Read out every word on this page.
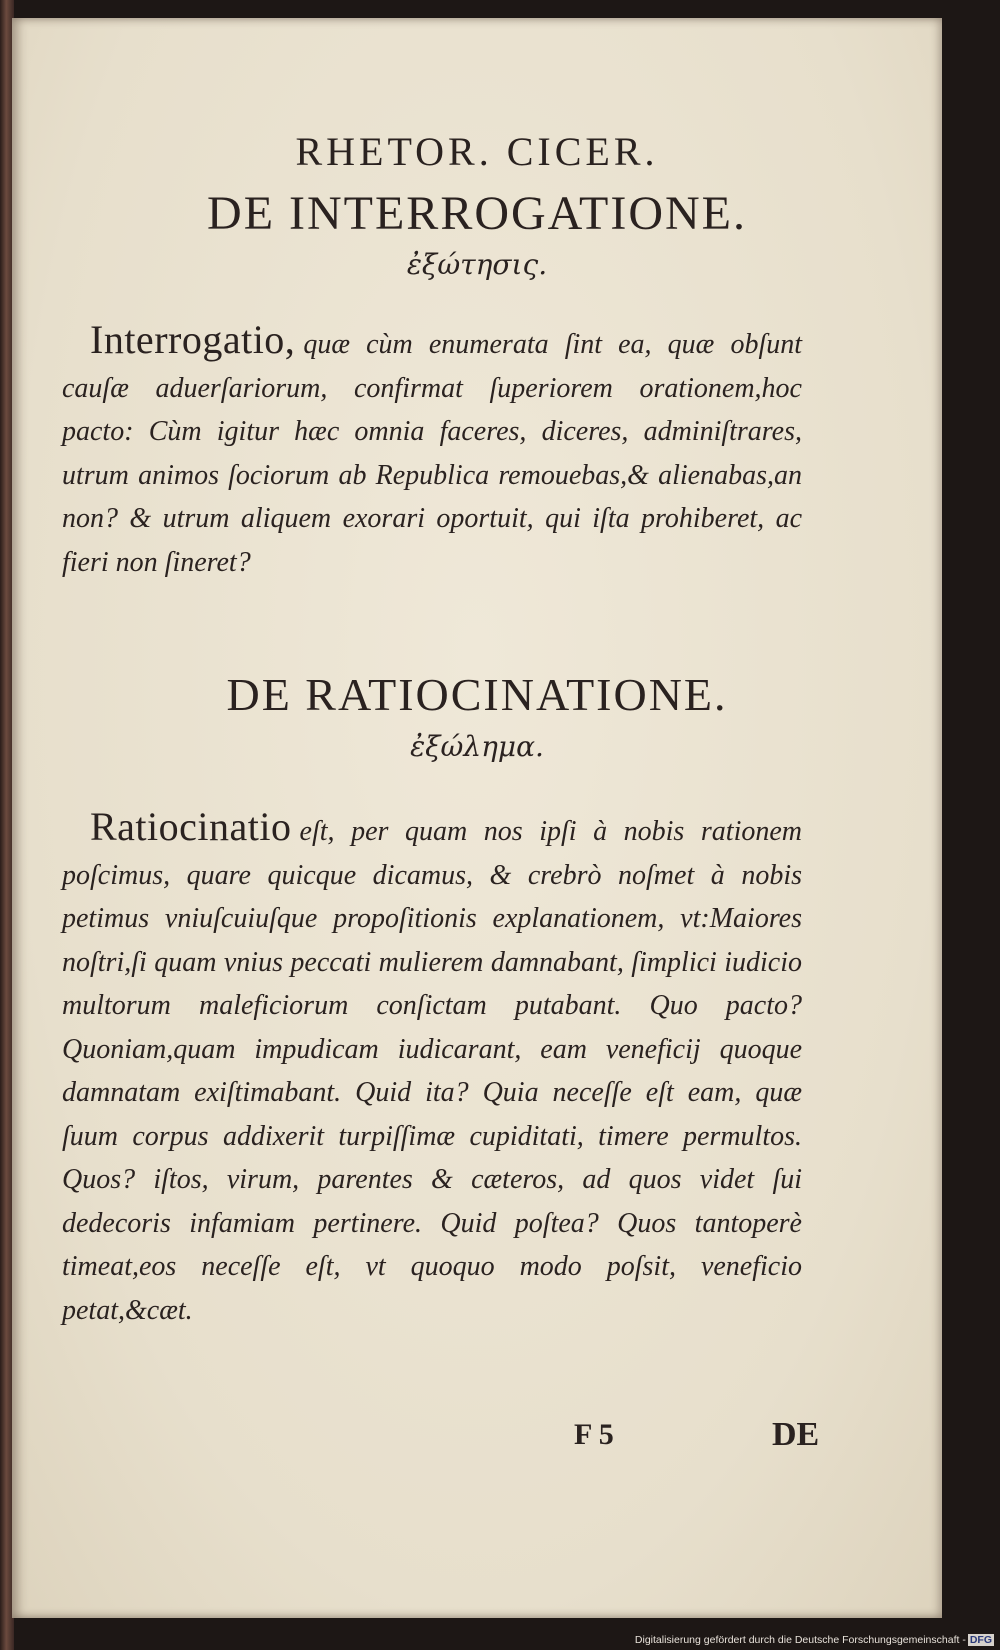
RHETOR. CICER.
DE INTERROGATIONE.
ἐξώτησις.
Interrogatio, quæ cùm enumerata ſint ea, quæ obſunt cauſæ aduerſariorum, confirmat ſuperiorem orationem,hoc pacto: Cùm igitur hæc omnia faceres, diceres, adminiſtrares, utrum animos ſociorum ab Republica remouebas,& alienabas,an non? & utrum aliquem exorari oportuit, qui iſta prohiberet, ac fieri non ſineret?
DE RATIOCINATIONE.
ἐξώλημα.
Ratiocinatio eſt, per quam nos ipſi à nobis rationem poſcimus, quare quicque dicamus, & crebrò noſmet à nobis petimus vniuſcuiuſque propoſitionis explanationem, vt:Maiores noſtri,ſi quam vnius peccati mulierem damnabant, ſimplici iudicio multorum maleficiorum conſictam putabant. Quo pacto? Quoniam,quam impudicam iudicarant, eam veneficij quoque damnatam exiſtimabant. Quid ita? Quia neceſſe eſt eam, quæ ſuum corpus addixerit turpiſſimæ cupiditati, timere permultos. Quos? iſtos, virum, parentes & cæteros, ad quos videt ſui dedecoris infamiam pertinere. Quid poſtea? Quos tantoperè timeat,eos neceſſe eſt, vt quoquo modo poſsit, veneficio petat,&cæt.
F 5	DE
Digitalisierung gefördert durch die Deutsche Forschungsgemeinschaft - DFG
